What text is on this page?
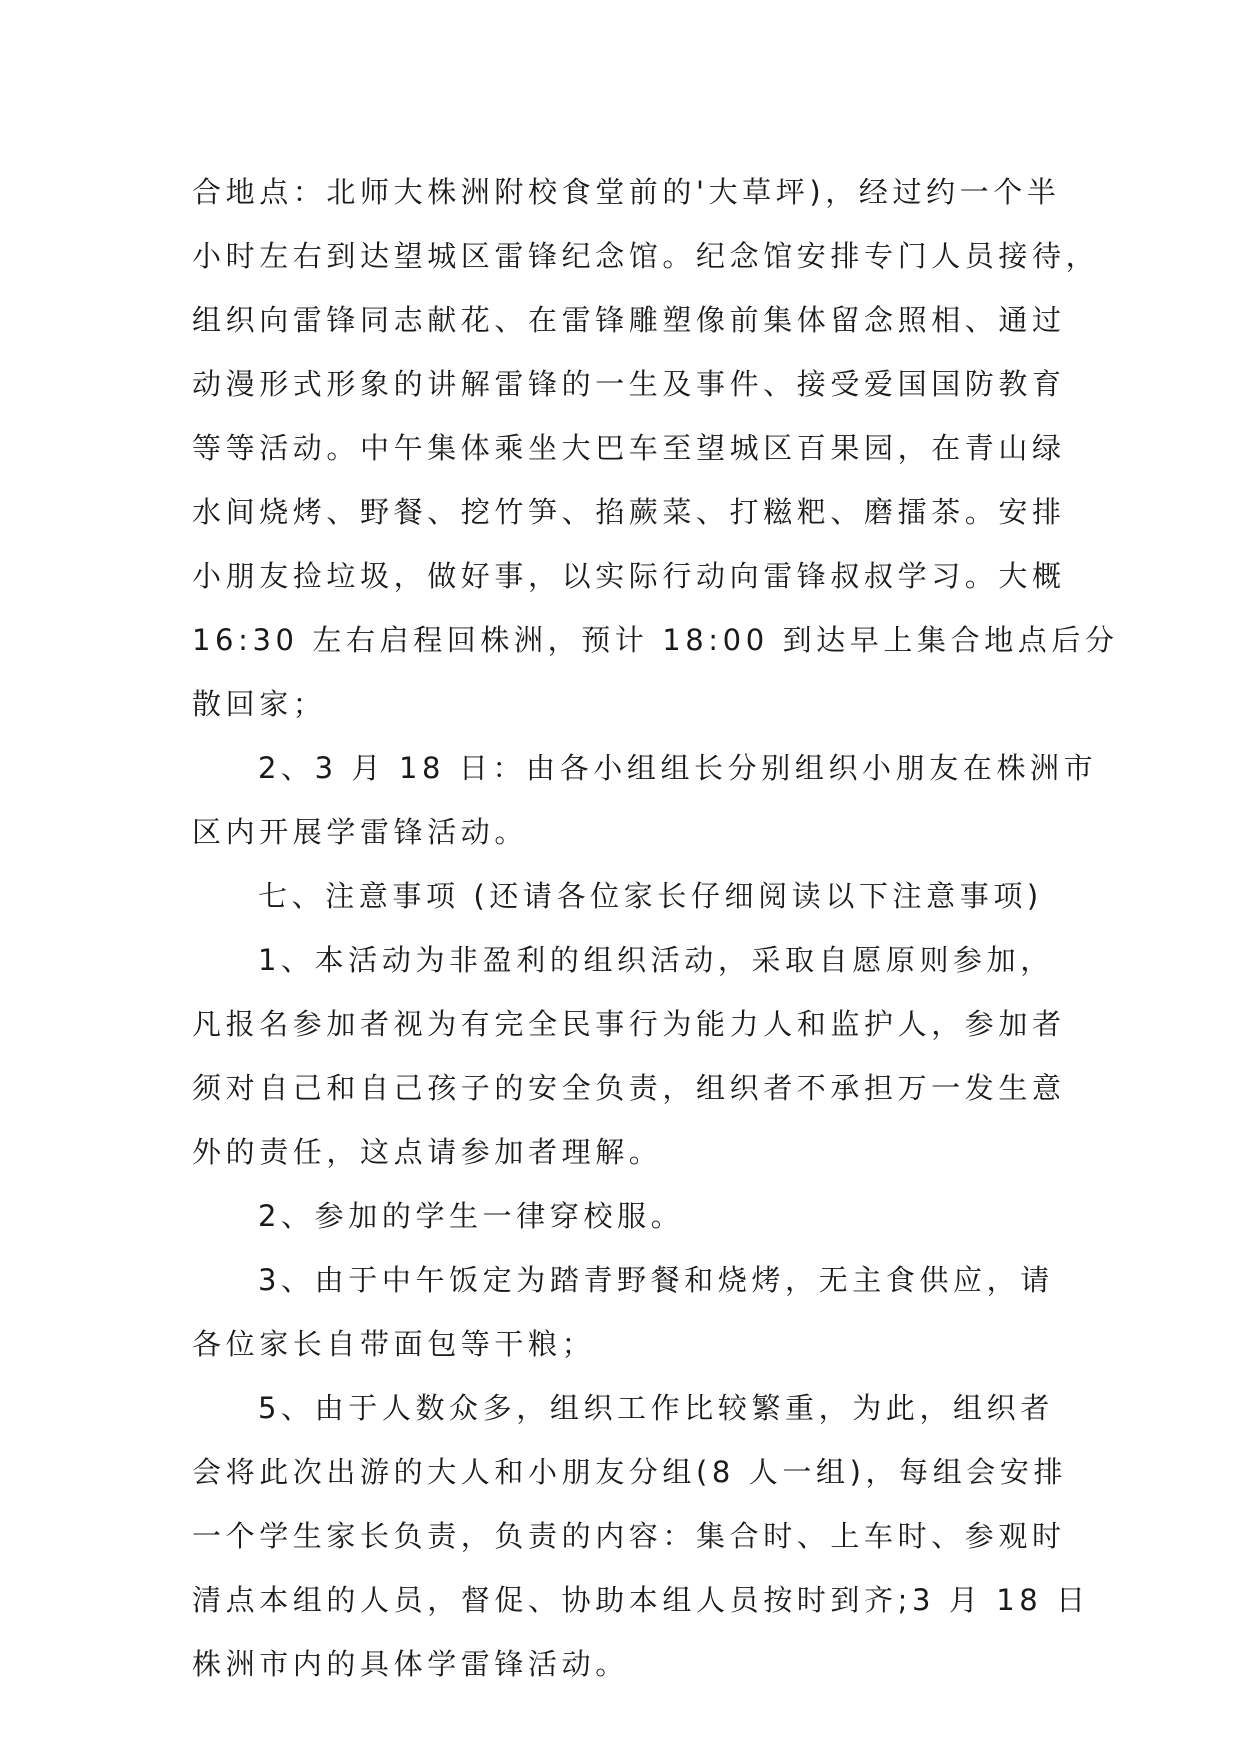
合地点：北师大株洲附校食堂前的'大草坪)，经过约一个半
小时左右到达望城区雷锋纪念馆。纪念馆安排专门人员接待，
组织向雷锋同志献花、在雷锋雕塑像前集体留念照相、通过
动漫形式形象的讲解雷锋的一生及事件、接受爱国国防教育
等等活动。中午集体乘坐大巴车至望城区百果园，在青山绿
水间烧烤、野餐、挖竹笋、掐蕨菜、打糍粑、磨擂茶。安排
小朋友捡垃圾，做好事，以实际行动向雷锋叔叔学习。大概
16:30 左右启程回株洲，预计 18:00 到达早上集合地点后分
散回家；
2、3 月 18 日：由各小组组长分别组织小朋友在株洲市
区内开展学雷锋活动。
七、注意事项 (还请各位家长仔细阅读以下注意事项)
1、本活动为非盈利的组织活动，采取自愿原则参加，
凡报名参加者视为有完全民事行为能力人和监护人，参加者
须对自己和自己孩子的安全负责，组织者不承担万一发生意
外的责任，这点请参加者理解。
2、参加的学生一律穿校服。
3、由于中午饭定为踏青野餐和烧烤，无主食供应，请
各位家长自带面包等干粮；
5、由于人数众多，组织工作比较繁重，为此，组织者
会将此次出游的大人和小朋友分组(8 人一组)，每组会安排
一个学生家长负责，负责的内容：集合时、上车时、参观时
清点本组的人员，督促、协助本组人员按时到齐;3 月 18 日
株洲市内的具体学雷锋活动。
